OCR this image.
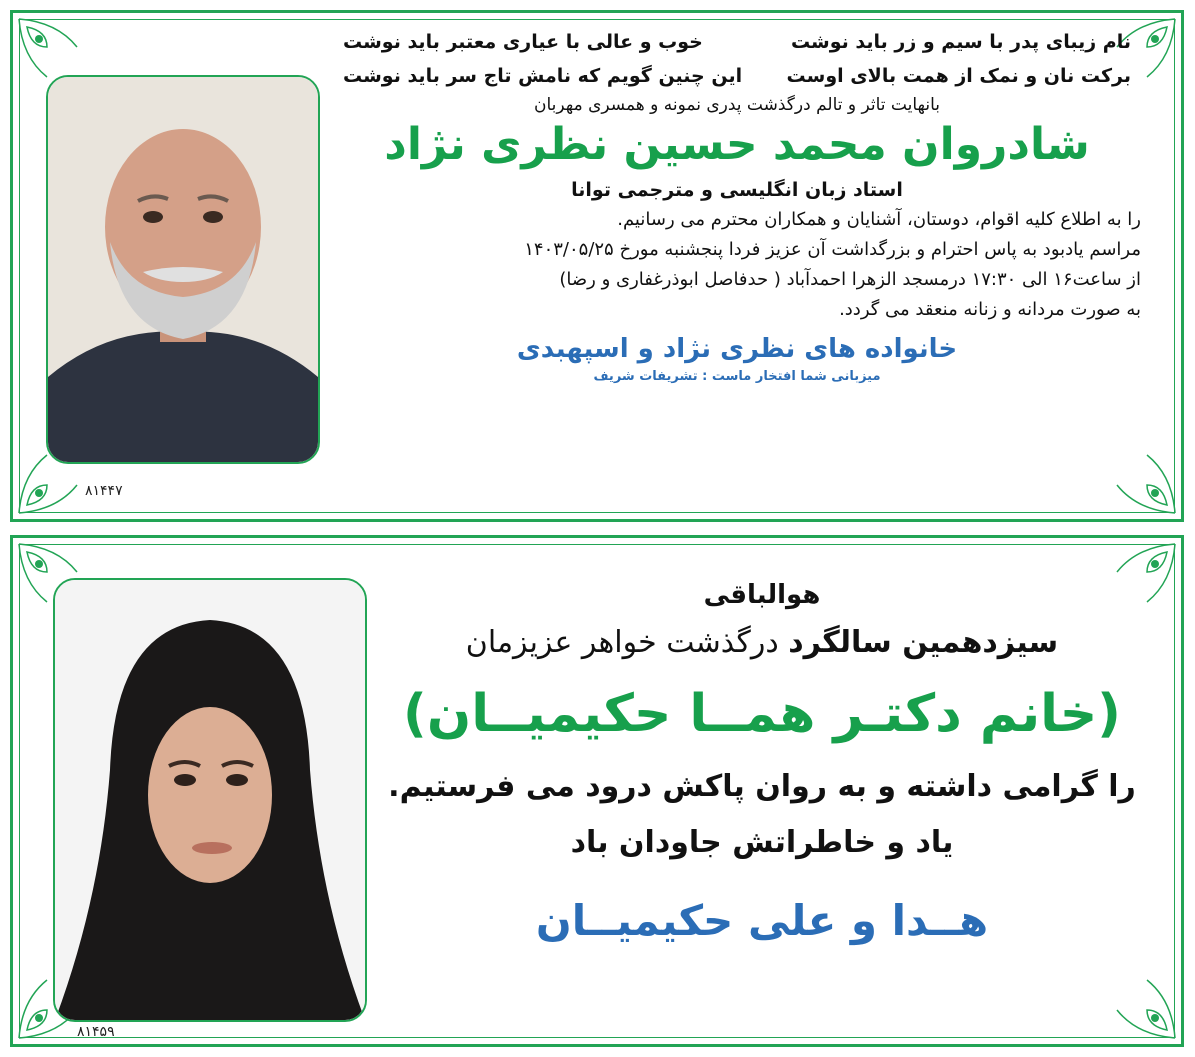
نام زیبای پدر با سیم و زر باید نوشت
خوب و عالی با عیاری معتبر باید نوشت
برکت نان و نمک از همت بالای اوست
این چنین گویم که نامش تاج سر باید نوشت
بانهایت تاثر و تالم درگذشت پدری نمونه و همسری مهربان
شادروان محمد حسین نظری نژاد
استاد زبان انگلیسی و مترجمی توانا
را به اطلاع کلیه اقوام، دوستان، آشنایان و همکاران محترم می رسانیم.
مراسم یادبود به پاس احترام و بزرگداشت آن عزیز فردا پنجشنبه مورخ ۱۴۰۳/۰۵/۲۵
از ساعت۱۶ الی ۱۷:۳۰ درمسجد الزهرا احمدآباد ( حدفاصل ابوذرغفاری و رضا)
به صورت مردانه و زنانه منعقد می گردد.
خانواده های نظری نژاد و اسپهبدی
میزبانی شما افتخار ماست : تشریفات شریف
۸۱۴۴۷
هوالباقی
سیزدهمین سالگرد درگذشت خواهر عزیزمان
(خانم دکتـر همــا حکیمیــان)
را گرامی داشته و به روان پاکش درود می فرستیم.
یاد و خاطراتش جاودان باد
هــدا و علی حکیمیــان
۸۱۴۵۹
